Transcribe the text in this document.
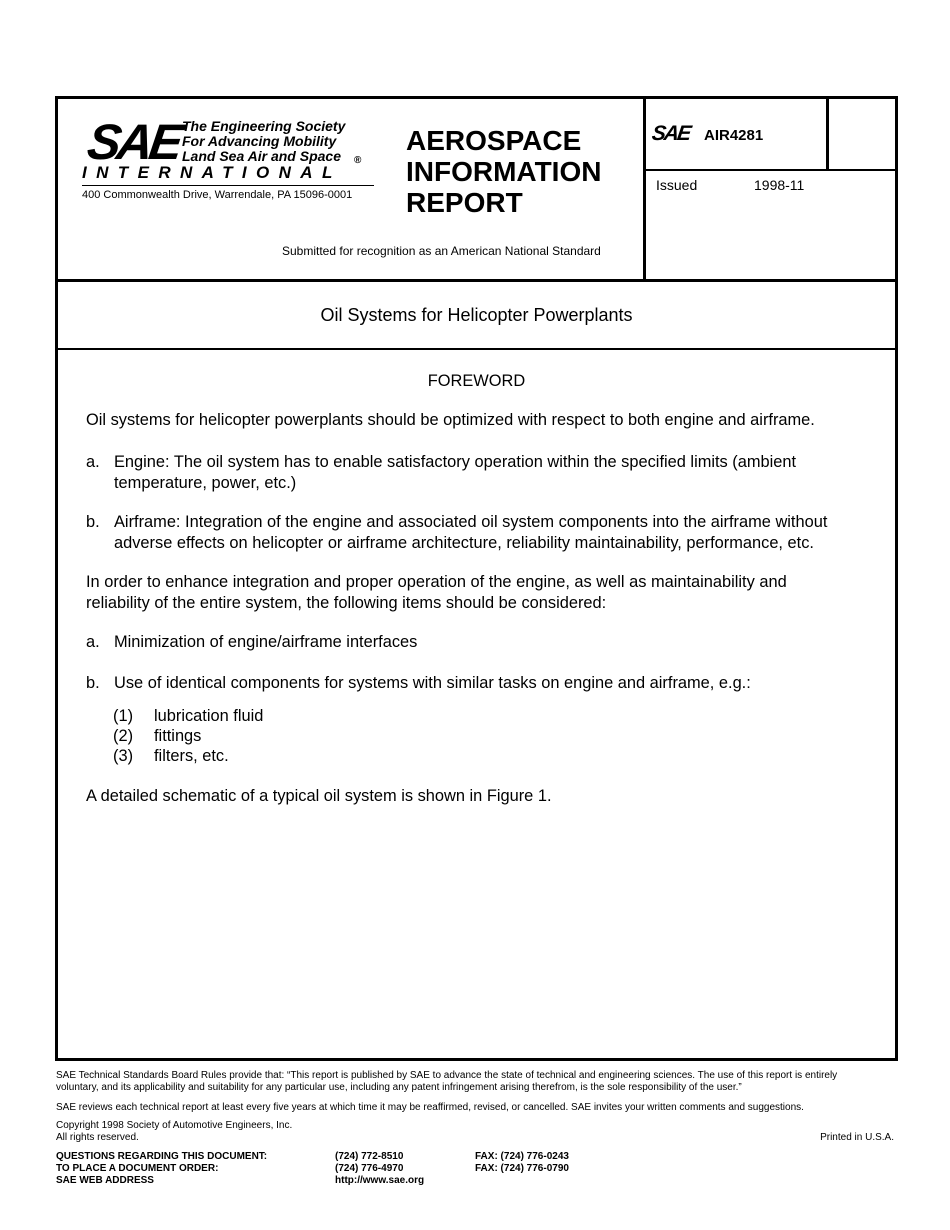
SAE The Engineering Society
For Advancing Mobility
Land Sea Air and Space	®
INTERNATIONAL
400 Commonwealth Drive, Warrendale, PA 15096-0001
AEROSPACE
INFORMATION
REPORT
Submitted for recognition as an American National Standard
SAE AIR4281
Issued	1998-11
Oil Systems for Helicopter Powerplants
FOREWORD
Oil systems for helicopter powerplants should be optimized with respect to both engine and airframe.
a. Engine: The oil system has to enable satisfactory operation within the specified limits (ambient
temperature, power, etc.)
b. Airframe: Integration of the engine and associated oil system components into the airframe without
adverse effects on helicopter or airframe architecture, reliability maintainability, performance, etc.
In order to enhance integration and proper operation of the engine, as well as maintainability and
reliability of the entire system, the following items should be considered:
a. Minimization of engine/airframe interfaces
b. Use of identical components for systems with similar tasks on engine and airframe, e.g.:
(1) lubrication fluid
(2) fittings
(3) filters, etc.
A detailed schematic of a typical oil system is shown in Figure 1.
SAE Technical Standards Board Rules provide that: “This report is published by SAE to advance the state of technical and engineering sciences. The use of this report is entirely
voluntary, and its applicability and suitability for any particular use, including any patent infringement arising therefrom, is the sole responsibility of the user.”
SAE reviews each technical report at least every five years at which time it may be reaffirmed, revised, or cancelled. SAE invites your written comments and suggestions.
Copyright 1998 Society of Automotive Engineers, Inc.
All rights reserved.	Printed in U.S.A.
QUESTIONS REGARDING THIS DOCUMENT:	(724) 772-8510	FAX: (724) 776-0243
TO PLACE A DOCUMENT ORDER:	(724) 776-4970	FAX: (724) 776-0790
SAE WEB ADDRESS	http://www.sae.org
